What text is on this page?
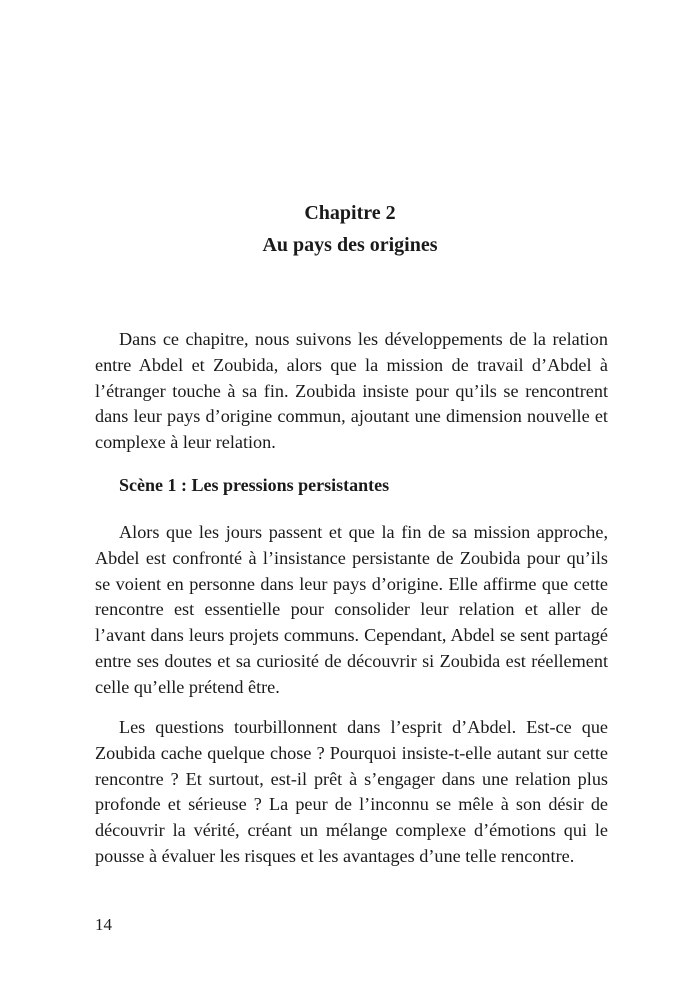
Chapitre 2
Au pays des origines

Dans ce chapitre, nous suivons les développements de la relation entre Abdel et Zoubida, alors que la mission de travail d’Abdel à l’étranger touche à sa fin. Zoubida insiste pour qu’ils se rencontrent dans leur pays d’origine commun, ajoutant une dimension nouvelle et complexe à leur relation.

Scène 1 : Les pressions persistantes

Alors que les jours passent et que la fin de sa mission approche, Abdel est confronté à l’insistance persistante de Zoubida pour qu’ils se voient en personne dans leur pays d’origine. Elle affirme que cette rencontre est essentielle pour consolider leur relation et aller de l’avant dans leurs projets communs. Cependant, Abdel se sent partagé entre ses doutes et sa curiosité de découvrir si Zoubida est réellement celle qu’elle prétend être.

Les questions tourbillonnent dans l’esprit d’Abdel. Est-ce que Zoubida cache quelque chose ? Pourquoi insiste-t-elle autant sur cette rencontre ? Et surtout, est-il prêt à s’engager dans une relation plus profonde et sérieuse ? La peur de l’inconnu se mêle à son désir de découvrir la vérité, créant un mélange complexe d’émotions qui le pousse à évaluer les risques et les avantages d’une telle rencontre.

14
